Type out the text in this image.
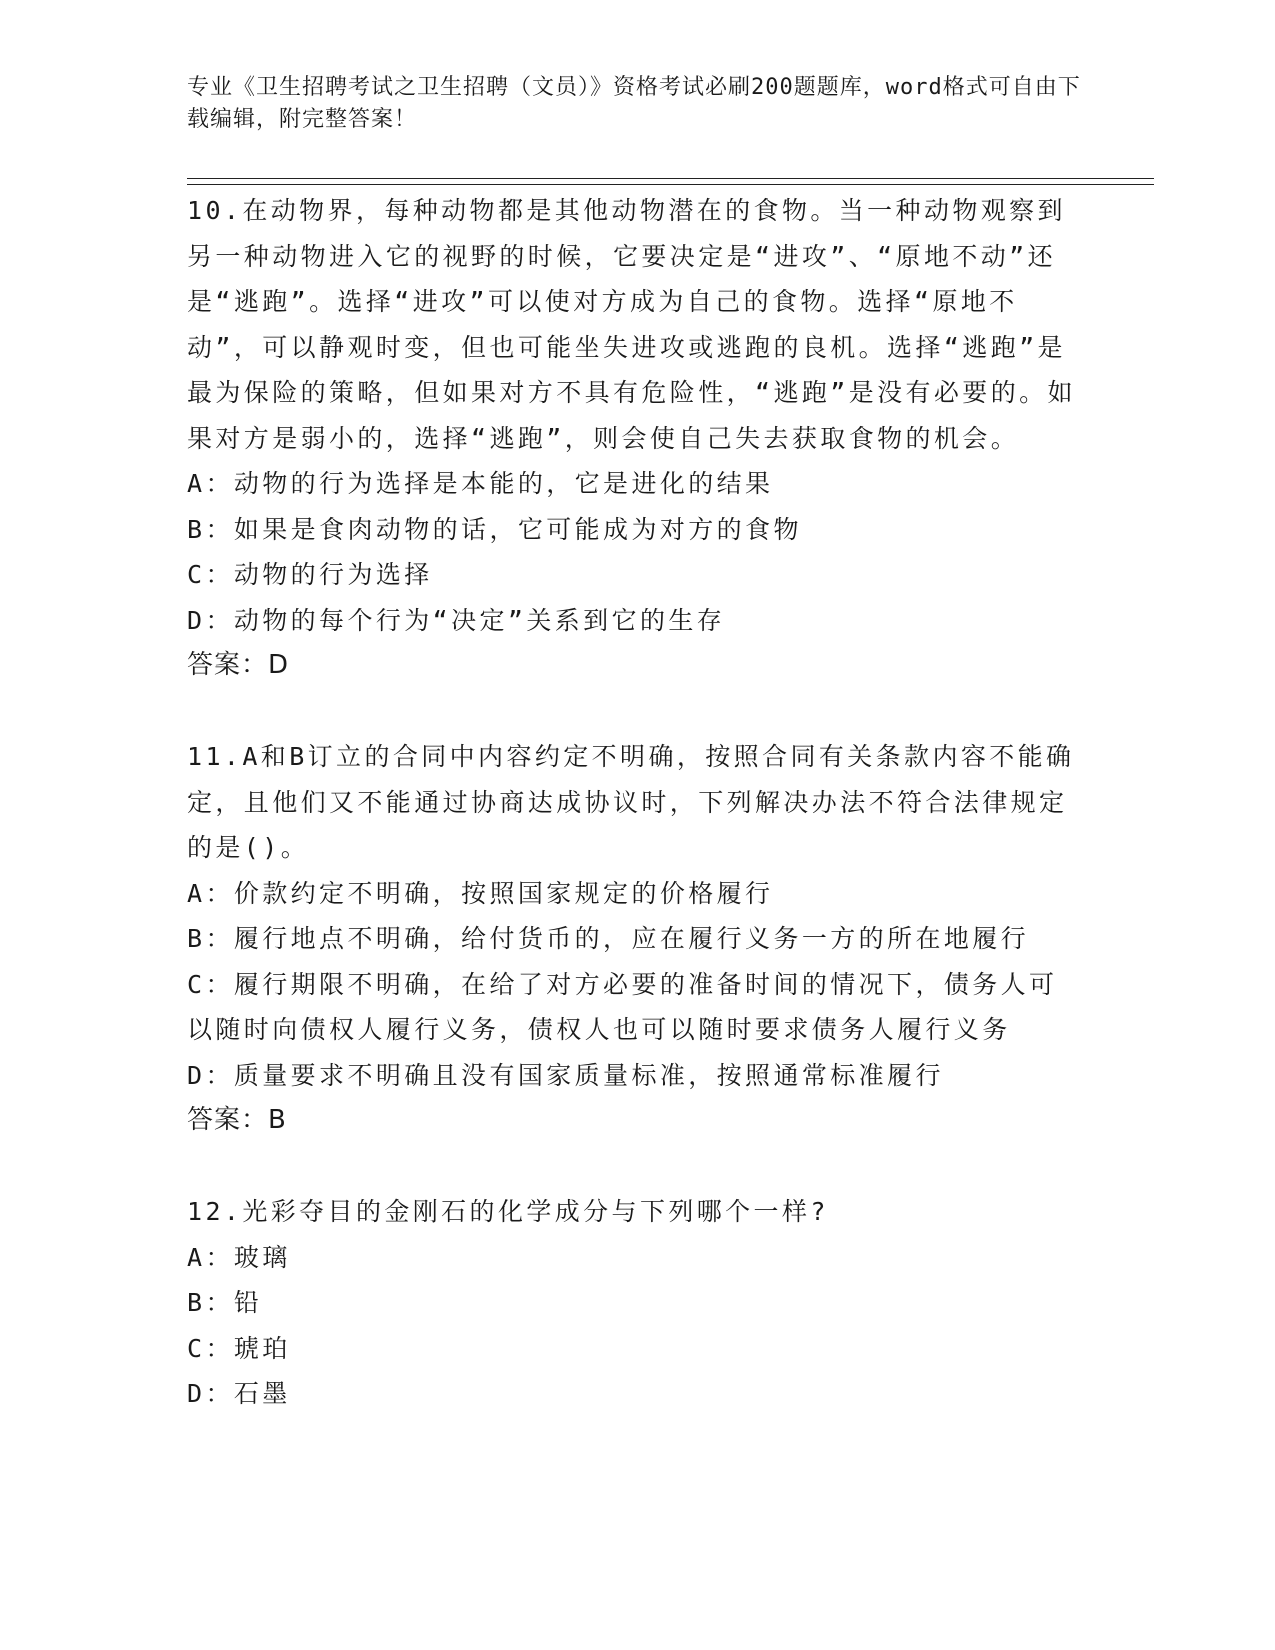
专业《卫生招聘考试之卫生招聘（文员）》资格考试必刷200题题库，word格式可自由下载编辑，附完整答案！

10.在动物界，每种动物都是其他动物潜在的食物。当一种动物观察到另一种动物进入它的视野的时候，它要决定是“进攻”、“原地不动”还是“逃跑”。选择“进攻”可以使对方成为自己的食物。选择“原地不动”，可以静观时变，但也可能坐失进攻或逃跑的良机。选择“逃跑”是最为保险的策略，但如果对方不具有危险性，“逃跑”是没有必要的。如果对方是弱小的，选择“逃跑”，则会使自己失去获取食物的机会。

A：动物的行为选择是本能的，它是进化的结果

B：如果是食肉动物的话，它可能成为对方的食物

C：动物的行为选择

D：动物的每个行为“决定”关系到它的生存

答案：D

11.A和B订立的合同中内容约定不明确，按照合同有关条款内容不能确定，且他们又不能通过协商达成协议时，下列解决办法不符合法律规定的是()。

A：价款约定不明确，按照国家规定的价格履行

B：履行地点不明确，给付货币的，应在履行义务一方的所在地履行

C：履行期限不明确，在给了对方必要的准备时间的情况下，债务人可以随时向债权人履行义务，债权人也可以随时要求债务人履行义务

D：质量要求不明确且没有国家质量标准，按照通常标准履行

答案：B

12.光彩夺目的金刚石的化学成分与下列哪个一样?

A：玻璃

B：铅

C：琥珀

D：石墨
